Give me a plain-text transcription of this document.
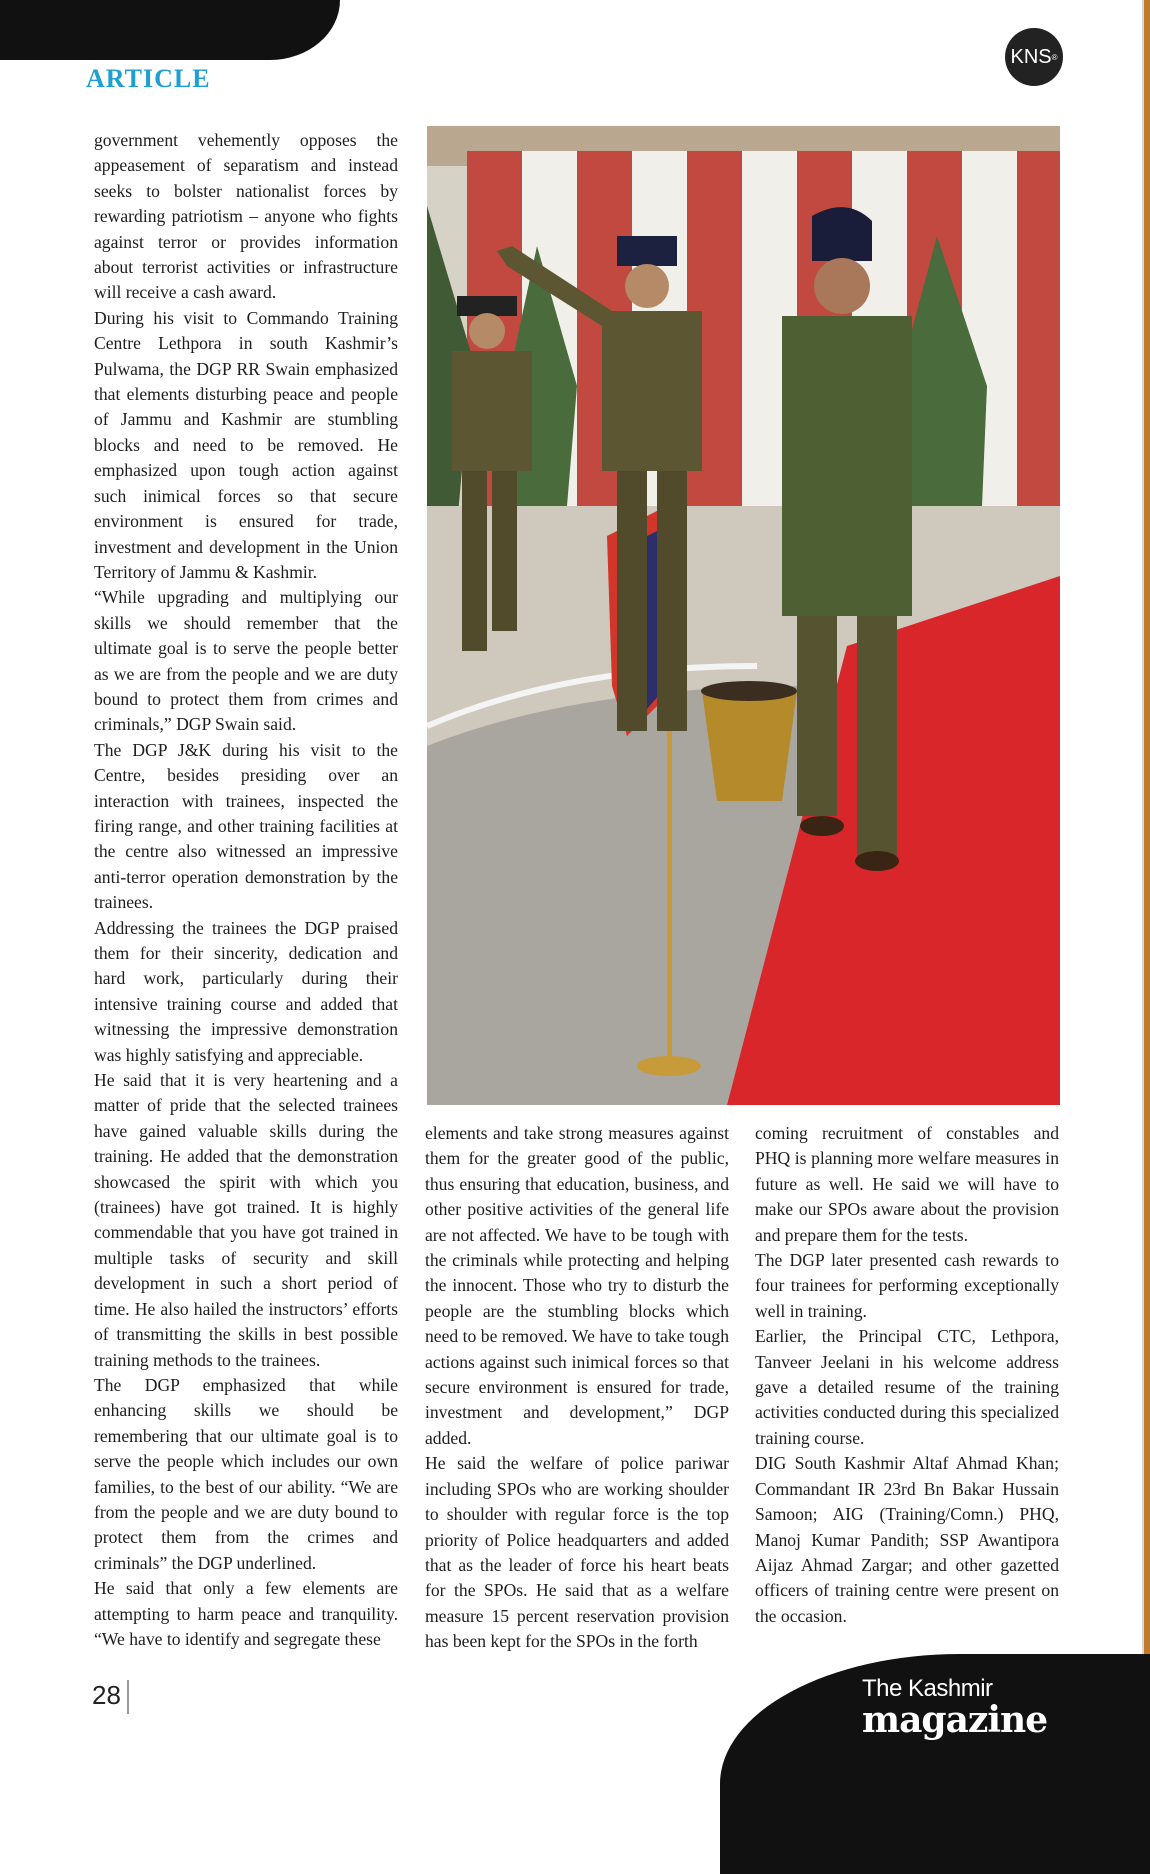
ARTICLE
KNS ®

government vehemently opposes the appeasement of separatism and instead seeks to bolster nationalist forces by rewarding patriotism – anyone who fights against terror or provides information about terrorist activities or infrastructure will receive a cash award.

During his visit to Commando Training Centre Lethpora in south Kashmir’s Pulwama, the DGP RR Swain emphasized that elements disturbing peace and people of Jammu and Kashmir are stumbling blocks and need to be removed. He emphasized upon tough action against such inimical forces so that secure environment is ensured for trade, investment and development in the Union Territory of Jammu & Kashmir.

“While upgrading and multiplying our skills we should remember that the ultimate goal is to serve the people better as we are from the people and we are duty bound to protect them from crimes and criminals,” DGP Swain said.

The DGP J&K during his visit to the Centre, besides presiding over an interaction with trainees, inspected the firing range, and other training facilities at the centre also witnessed an impressive anti-terror operation demonstration by the trainees.

Addressing the trainees the DGP praised them for their sincerity, dedication and hard work, particularly during their intensive training course and added that witnessing the impressive demonstration was highly satisfying and appreciable.

He said that it is very heartening and a matter of pride that the selected trainees have gained valuable skills during the training. He added that the demonstration showcased the spirit with which you (trainees) have got trained. It is highly commendable that you have got trained in multiple tasks of security and skill development in such a short period of time. He also hailed the instructors’ efforts of transmitting the skills in best possible training methods to the trainees.

The DGP emphasized that while enhancing skills we should be remembering that our ultimate goal is to serve the people which includes our own families, to the best of our ability. “We are from the people and we are duty bound to protect them from the crimes and criminals” the DGP underlined.

He said that only a few elements are attempting to harm peace and tranquility. “We have to identify and segregate these

elements and take strong measures against them for the greater good of the public, thus ensuring that education, business, and other positive activities of the general life are not affected. We have to be tough with the criminals while protecting and helping the innocent. Those who try to disturb the people are the stumbling blocks which need to be removed. We have to take tough actions against such inimical forces so that secure environment is ensured for trade, investment and development,” DGP added.

He said the welfare of police pariwar including SPOs who are working shoulder to shoulder with regular force is the top priority of Police headquarters and added that as the leader of force his heart beats for the SPOs. He said that as a welfare measure 15 percent reservation provision has been kept for the SPOs in the forth

coming recruitment of constables and PHQ is planning more welfare measures in future as well. He said we will have to make our SPOs aware about the provision and prepare them for the tests.

The DGP later presented cash rewards to four trainees for performing exceptionally well in training.

Earlier, the Principal CTC, Lethpora, Tanveer Jeelani in his welcome address gave a detailed resume of the training activities conducted during this specialized training course.

DIG South Kashmir Altaf Ahmad Khan; Commandant IR 23rd Bn Bakar Hussain Samoon; AIG (Training/Comn.) PHQ, Manoj Kumar Pandith; SSP Awantipora Aijaz Ahmad Zargar; and other gazetted officers of training centre were present on the occasion.

28	The Kashmir
magazine
